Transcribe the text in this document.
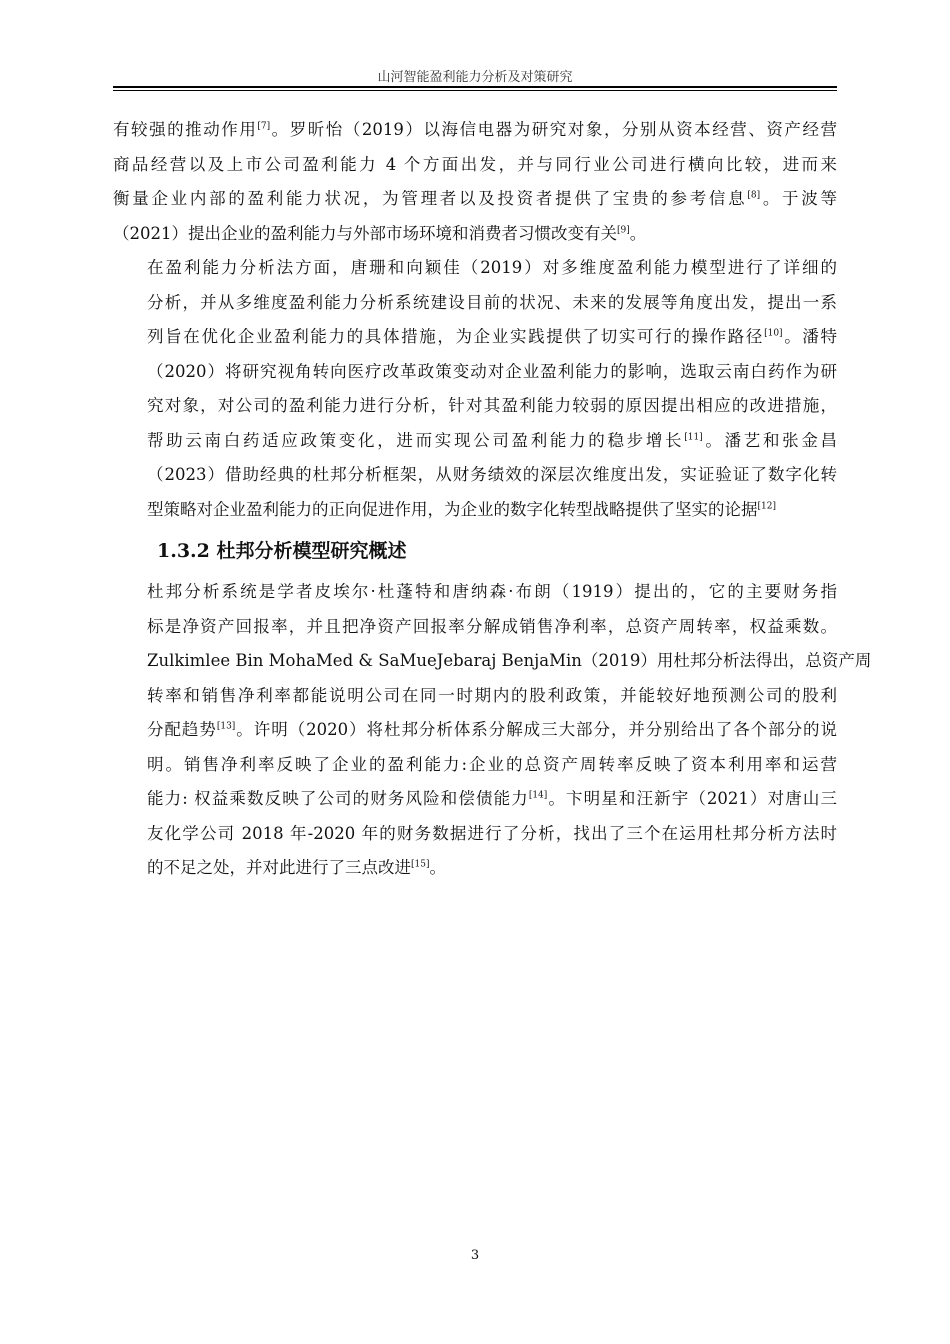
山河智能盈利能力分析及对策研究

有较强的推动作用[7]。罗昕怡（2019）以海信电器为研究对象，分别从资本经营、资产经营
商品经营以及上市公司盈利能力 4 个方面出发，并与同行业公司进行横向比较，进而来
衡量企业内部的盈利能力状况，为管理者以及投资者提供了宝贵的参考信息[8]。于波等
（2021）提出企业的盈利能力与外部市场环境和消费者习惯改变有关[9]。

在盈利能力分析法方面，唐珊和向颖佳（2019）对多维度盈利能力模型进行了详细的
分析，并从多维度盈利能力分析系统建设目前的状况、未来的发展等角度出发，提出一系
列旨在优化企业盈利能力的具体措施，为企业实践提供了切实可行的操作路径[10]。潘特
（2020）将研究视角转向医疗改革政策变动对企业盈利能力的影响，选取云南白药作为研
究对象，对公司的盈利能力进行分析，针对其盈利能力较弱的原因提出相应的改进措施，
帮助云南白药适应政策变化，进而实现公司盈利能力的稳步增长[11]。潘艺和张金昌
（2023）借助经典的杜邦分析框架，从财务绩效的深层次维度出发，实证验证了数字化转
型策略对企业盈利能力的正向促进作用，为企业的数字化转型战略提供了坚实的论据[12]

1.3.2 杜邦分析模型研究概述

杜邦分析系统是学者皮埃尔·杜蓬特和唐纳森·布朗（1919）提出的，它的主要财务指
标是净资产回报率，并且把净资产回报率分解成销售净利率，总资产周转率，权益乘数。
Zulkimlee Bin MohaMed & SaMueJebaraj BenjaMin（2019）用杜邦分析法得出，总资产周
转率和销售净利率都能说明公司在同一时期内的股利政策，并能较好地预测公司的股利
分配趋势[13]。许明（2020）将杜邦分析体系分解成三大部分，并分别给出了各个部分的说
明。销售净利率反映了企业的盈利能力:企业的总资产周转率反映了资本利用率和运营
能力: 权益乘数反映了公司的财务风险和偿债能力[14]。卞明星和汪新宇（2021）对唐山三
友化学公司 2018 年-2020 年的财务数据进行了分析，找出了三个在运用杜邦分析方法时
的不足之处，并对此进行了三点改进[15]。

3
